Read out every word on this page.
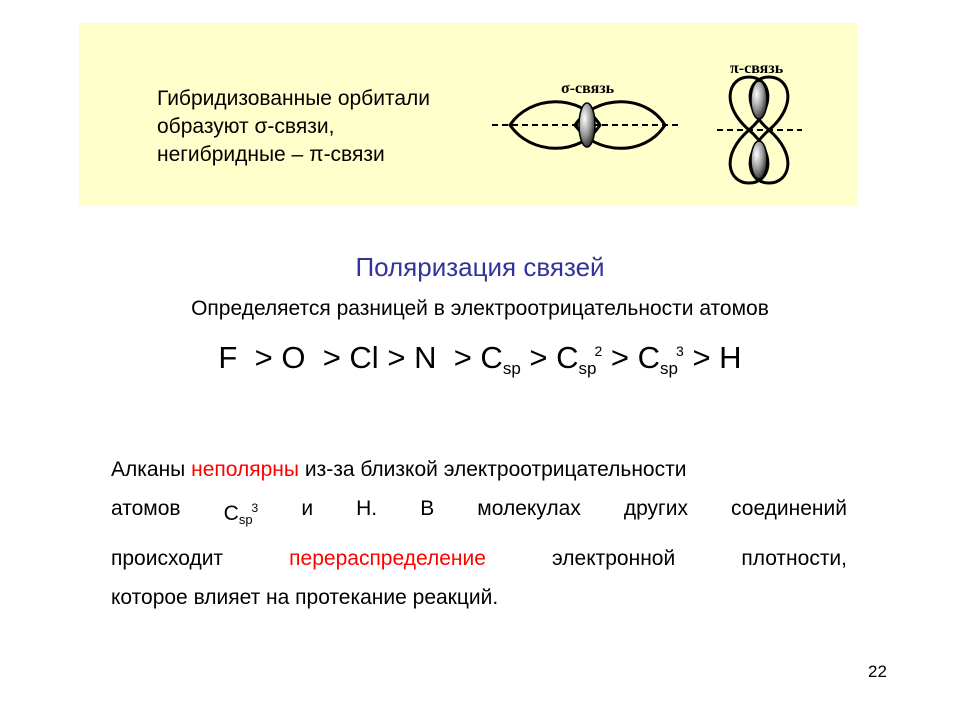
Гибридизованные орбитали
образуют σ-связи,
негибридные – π-связи
σ-связь
π-связь
Поляризация связей
Определяется разницей в электроотрицательности атомов
$F > O > Cl > N > C_{sp} > C_{sp}^2 > C_{sp}^3 > H$
Алканы неполярны из-за близкой электроотрицательности
атомов $C_{sp}^3$ и H. В молекулах других соединений
происходит	перераспределение	электронной	плотности,
которое влияет на протекание реакций.
22
